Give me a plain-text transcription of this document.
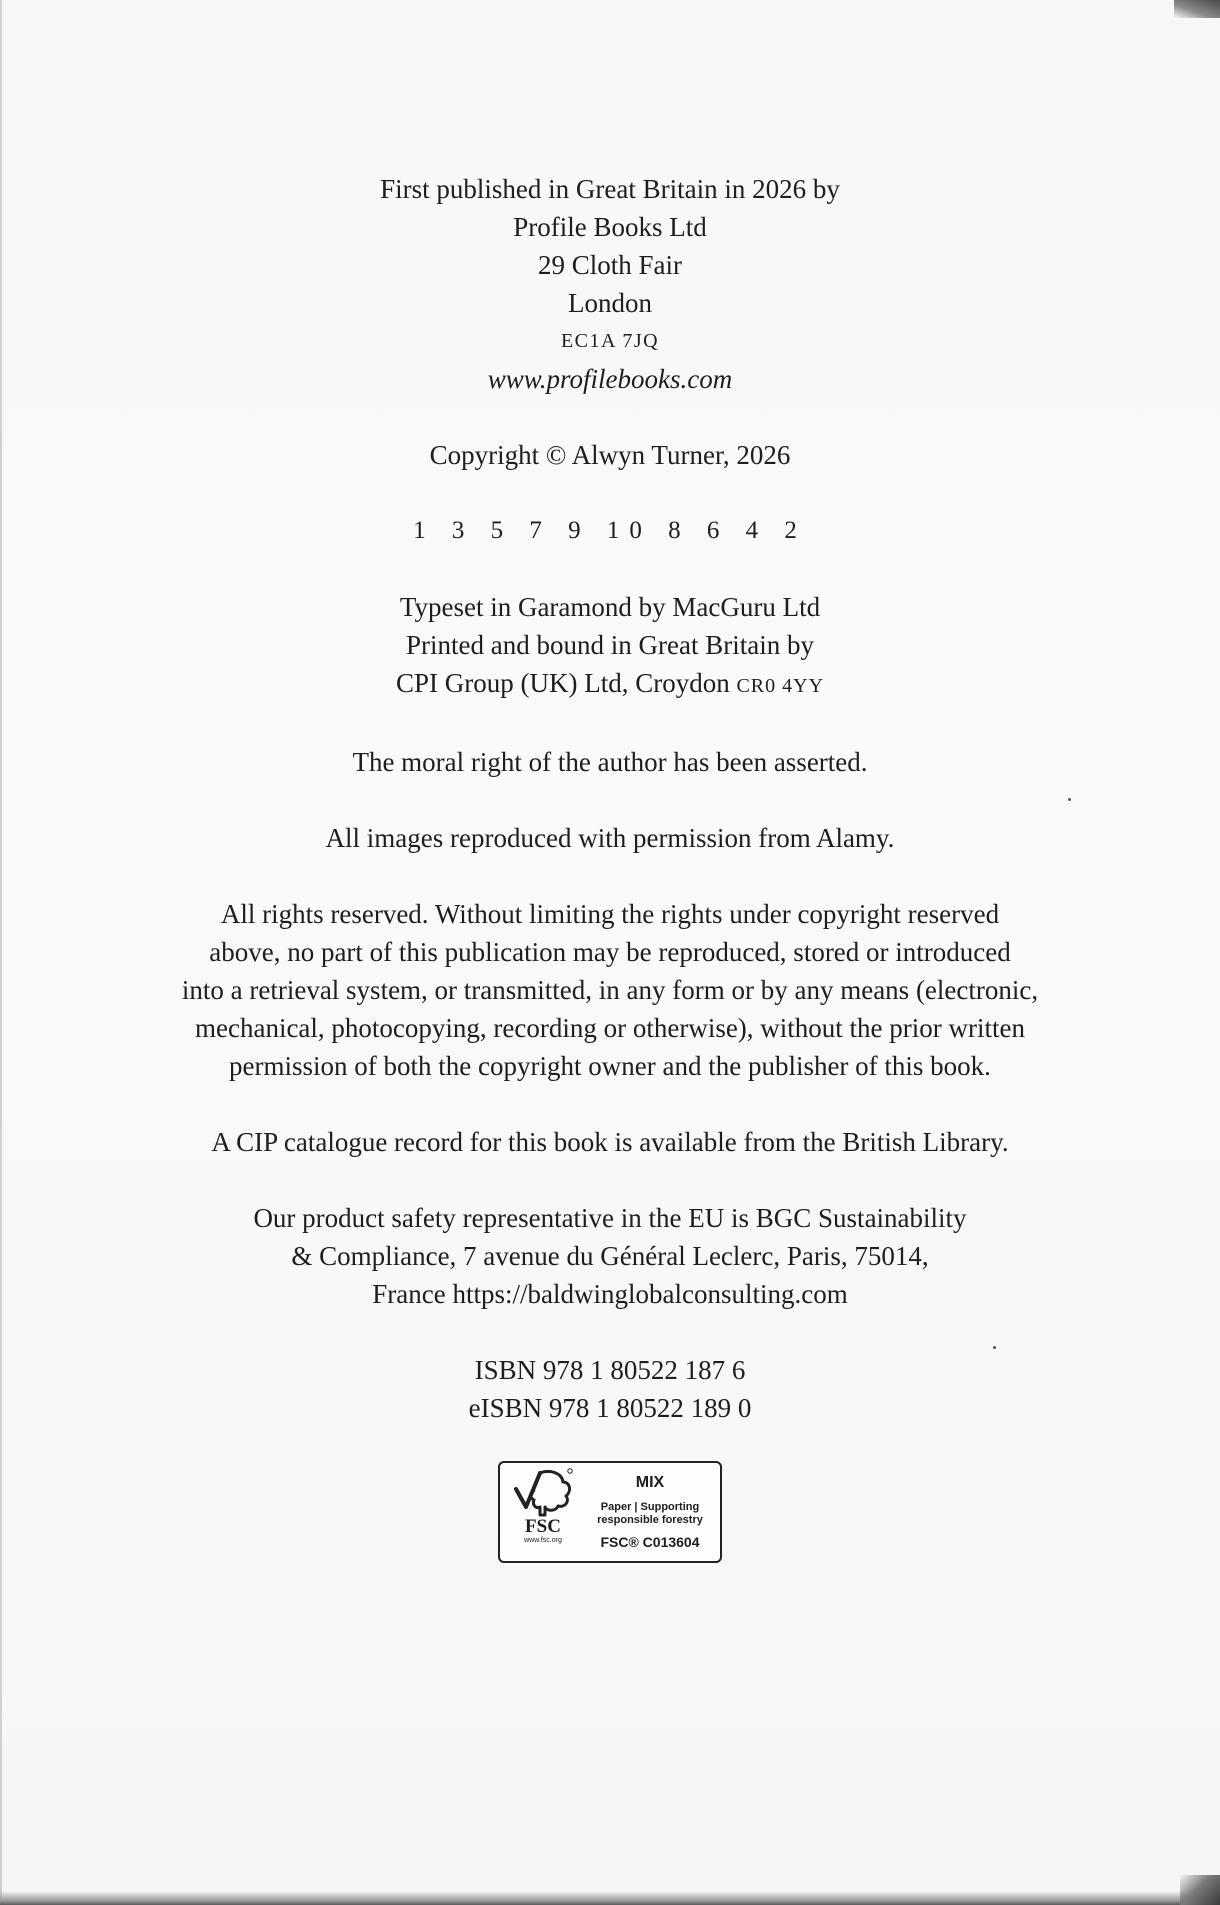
First published in Great Britain in 2026 by

Profile Books Ltd

29 Cloth Fair

London

EC1A 7JQ

www.profilebooks.com

Copyright © Alwyn Turner, 2026

1 3 5 7 9 10 8 6 4 2

Typeset in Garamond by MacGuru Ltd

Printed and bound in Great Britain by

CPI Group (UK) Ltd, Croydon CR0 4YY

The moral right of the author has been asserted.

All images reproduced with permission from Alamy.

All rights reserved. Without limiting the rights under copyright reserved

above, no part of this publication may be reproduced, stored or introduced

into a retrieval system, or transmitted, in any form or by any means (electronic,

mechanical, photocopying, recording or otherwise), without the prior written

permission of both the copyright owner and the publisher of this book.

A CIP catalogue record for this book is available from the British Library.

Our product safety representative in the EU is BGC Sustainability

& Compliance, 7 avenue du Général Leclerc, Paris, 75014,

France https://baldwinglobalconsulting.com

ISBN 978 1 80522 187 6

eISBN 978 1 80522 189 0

FSC
www.fsc.org
MIX
Paper | Supporting
responsible forestry
FSC® C013604
